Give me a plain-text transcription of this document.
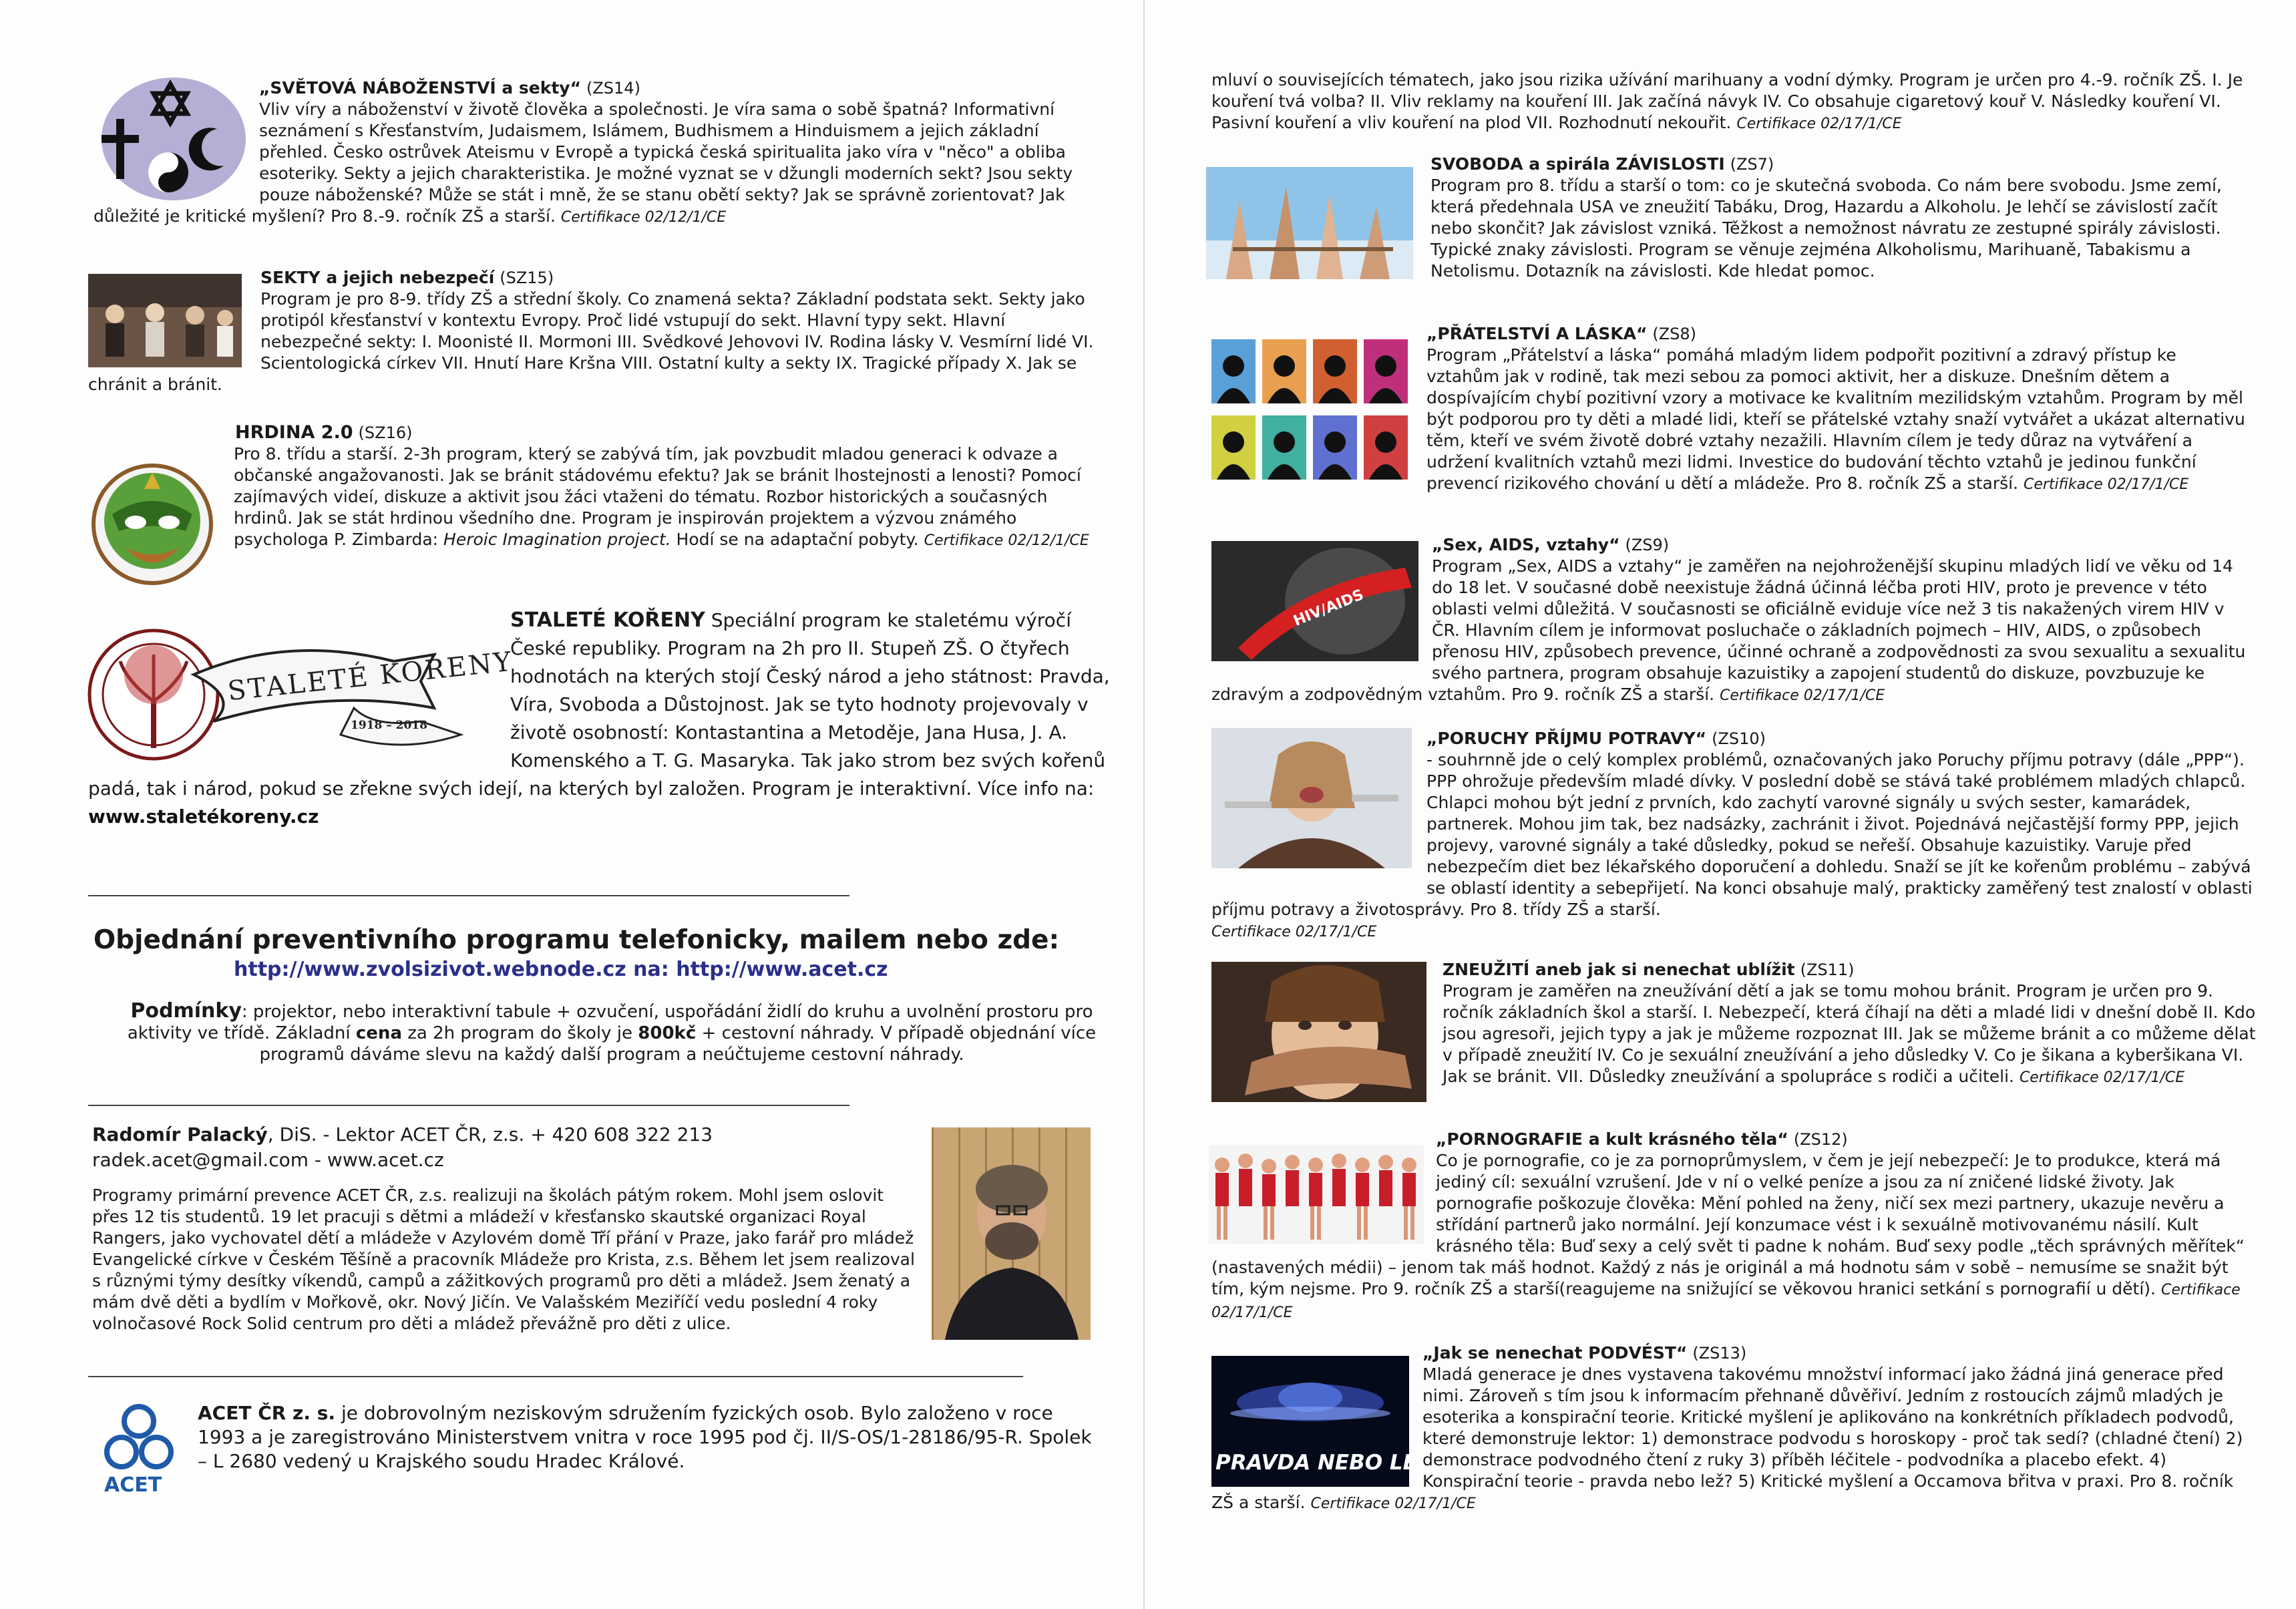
„SVĚTOVÁ NÁBOŽENSTVÍ a sekty“ (ZS14)
Vliv víry a náboženství v životě člověka a společnosti. Je víra sama o sobě špatná? Informativní seznámení s Křesťanstvím, Judaismem, Islámem, Budhismem a Hinduismem a jejich základní přehled. Česko ostrůvek Ateismu v Evropě a typická česká spiritualita jako víra v "něco" a obliba esoteriky. Sekty a jejich charakteristika. Je možné vyznat se v džungli moderních sekt? Jsou sekty pouze náboženské? Může se stát i mně, že se stanu obětí sekty? Jak se správně zorientovat? Jak důležité je kritické myšlení? Pro 8.-9. ročník ZŠ a starší. Certifikace 02/12/1/CE
SEKTY a jejich nebezpečí (SZ15)
Program je pro 8-9. třídy ZŠ a střední školy. Co znamená sekta? Základní podstata sekt. Sekty jako protipól křesťanství v kontextu Evropy. Proč lidé vstupují do sekt. Hlavní typy sekt. Hlavní nebezpečné sekty: I. Moonisté II. Mormoni III. Svědkové Jehovovi IV. Rodina lásky V. Vesmírní lidé VI. Scientologická církev VII. Hnutí Hare Kršna VIII. Ostatní kulty a sekty IX. Tragické případy X. Jak se chránit a bránit.
HRDINA 2.0 (SZ16)
Pro 8. třídu a starší. 2-3h program, který se zabývá tím, jak povzbudit mladou generaci k odvaze a občanské angažovanosti. Jak se bránit stádovému efektu? Jak se bránit lhostejnosti a lenosti? Pomocí zajímavých videí, diskuze a aktivit jsou žáci vtaženi do tématu. Rozbor historických a současných hrdinů. Jak se stát hrdinou všedního dne. Program je inspirován projektem a výzvou známého psychologa P. Zimbarda: Heroic Imagination project. Hodí se na adaptační pobyty. Certifikace 02/12/1/CE
STALETÉ KOŘENY
1918 – 2018
STALETÉ KOŘENY Speciální program ke staletému výročí České republiky. Program na 2h pro II. Stupeň ZŠ. O čtyřech hodnotách na kterých stojí Český národ a jeho státnost: Pravda, Víra, Svoboda a Důstojnost. Jak se tyto hodnoty projevovaly v životě osobností: Kontastantina a Metoděje, Jana Husa, J. A. Komenského a T. G. Masaryka. Tak jako strom bez svých kořenů padá, tak i národ, pokud se zřekne svých idejí, na kterých byl založen. Program je interaktivní. Více info na: www.staletékoreny.cz
Objednání preventivního programu telefonicky, mailem nebo zde:
http://www.zvolsizivot.webnode.cz na: http://www.acet.cz
Podmínky: projektor, nebo interaktivní tabule + ozvučení, uspořádání židlí do kruhu a uvolnění prostoru pro aktivity ve třídě. Základní cena za 2h program do školy je 800kč + cestovní náhrady. V případě objednání více programů dáváme slevu na každý další program a neúčtujeme cestovní náhrady.
Radomír Palacký, DiS. - Lektor ACET ČR, z.s. + 420 608 322 213
radek.acet@gmail.com - www.acet.cz
Programy primární prevence ACET ČR, z.s. realizuji na školách pátým rokem. Mohl jsem oslovit přes 12 tis studentů. 19 let pracuji s dětmi a mládeží v křesťansko skautské organizaci Royal Rangers, jako vychovatel dětí a mládeže v Azylovém domě Tří přání v Praze, jako farář pro mládež Evangelické církve v Českém Těšíně a pracovník Mládeže pro Krista, z.s. Během let jsem realizoval s různými týmy desítky víkendů, campů a zážitkových programů pro děti a mládež. Jsem ženatý a mám dvě děti a bydlím v Mořkově, okr. Nový Jičín. Ve Valašském Meziříčí vedu poslední 4 roky volnočasové Rock Solid centrum pro děti a mládež převážně pro děti z ulice.
ACET
ACET ČR z. s. je dobrovolným neziskovým sdružením fyzických osob. Bylo založeno v roce 1993 a je zaregistrováno Ministerstvem vnitra v roce 1995 pod čj. II/S-OS/1-28186/95-R. Spolek – L 2680 vedený u Krajského soudu Hradec Králové.
mluví o souvisejících tématech, jako jsou rizika užívání marihuany a vodní dýmky. Program je určen pro 4.-9. ročník ZŠ. I. Je kouření tvá volba? II. Vliv reklamy na kouření III. Jak začíná návyk IV. Co obsahuje cigaretový kouř V. Následky kouření VI. Pasivní kouření a vliv kouření na plod VII. Rozhodnutí nekouřit. Certifikace 02/17/1/CE
SVOBODA a spirála ZÁVISLOSTI (ZS7)
Program pro 8. třídu a starší o tom: co je skutečná svoboda. Co nám bere svobodu. Jsme zemí, která předehnala USA ve zneužití Tabáku, Drog, Hazardu a Alkoholu. Je lehčí se závislostí začít nebo skončit? Jak závislost vzniká. Těžkost a nemožnost návratu ze zestupné spirály závislosti. Typické znaky závislosti. Program se věnuje zejména Alkoholismu, Marihuaně, Tabakismu a Netolismu. Dotazník na závislosti. Kde hledat pomoc.
„PŘÁTELSTVÍ A LÁSKA“ (ZS8)
Program „Přátelství a láska“ pomáhá mladým lidem podpořit pozitivní a zdravý přístup ke vztahům jak v rodině, tak mezi sebou za pomoci aktivit, her a diskuze. Dnešním dětem a dospívajícím chybí pozitivní vzory a motivace ke kvalitním mezilidským vztahům. Program by měl být podporou pro ty děti a mladé lidi, kteří se přátelské vztahy snaží vytvářet a ukázat alternativu těm, kteří ve svém životě dobré vztahy nezažili. Hlavním cílem je tedy důraz na vytváření a udržení kvalitních vztahů mezi lidmi. Investice do budování těchto vztahů je jedinou funkční prevencí rizikového chování u dětí a mládeže. Pro 8. ročník ZŠ a starší. Certifikace 02/17/1/CE
HIV/AIDS
„Sex, AIDS, vztahy“ (ZS9)
Program „Sex, AIDS a vztahy“ je zaměřen na nejohroženější skupinu mladých lidí ve věku od 14 do 18 let. V současné době neexistuje žádná účinná léčba proti HIV, proto je prevence v této oblasti velmi důležitá. V současnosti se oficiálně eviduje více než 3 tis nakažených virem HIV v ČR. Hlavním cílem je informovat posluchače o základních pojmech – HIV, AIDS, o způsobech přenosu HIV, způsobech prevence, účinné ochraně a zodpovědnosti za svou sexualitu a sexualitu svého partnera, program obsahuje kazuistiky a zapojení studentů do diskuze, povzbuzuje ke zdravým a zodpovědným vztahům. Pro 9. ročník ZŠ a starší. Certifikace 02/17/1/CE
„PORUCHY PŘÍJMU POTRAVY“ (ZS10)
- souhrnně jde o celý komplex problémů, označovaných jako Poruchy příjmu potravy (dále „PPP“). PPP ohrožuje především mladé dívky. V poslední době se stává také problémem mladých chlapců. Chlapci mohou být jední z prvních, kdo zachytí varovné signály u svých sester, kamarádek, partnerek. Mohou jim tak, bez nadsázky, zachránit i život. Pojednává nejčastější formy PPP, jejich projevy, varovné signály a také důsledky, pokud se neřeší. Obsahuje kazuistiky. Varuje před nebezpečím diet bez lékařského doporučení a dohledu. Snaží se jít ke kořenům problému – zabývá se oblastí identity a sebepřijetí. Na konci obsahuje malý, prakticky zaměřený test znalostí v oblasti příjmu potravy a životosprávy. Pro 8. třídy ZŠ a starší.
Certifikace 02/17/1/CE
ZNEUŽITÍ aneb jak si nenechat ublížit (ZS11)
Program je zaměřen na zneužívání dětí a jak se tomu mohou bránit. Program je určen pro 9. ročník základních škol a starší. I. Nebezpečí, která číhají na děti a mladé lidi v dnešní době II. Kdo jsou agresoři, jejich typy a jak je můžeme rozpoznat III. Jak se můžeme bránit a co můžeme dělat v případě zneužití IV. Co je sexuální zneužívání a jeho důsledky V. Co je šikana a kyberšikana VI. Jak se bránit. VII. Důsledky zneužívání a spolupráce s rodiči a učiteli. Certifikace 02/17/1/CE
„PORNOGRAFIE a kult krásného těla“ (ZS12)
Co je pornografie, co je za pornoprůmyslem, v čem je její nebezpečí: Je to produkce, která má jediný cíl: sexuální vzrušení. Jde v ní o velké peníze a jsou za ní zničené lidské životy. Jak pornografie poškozuje člověka: Mění pohled na ženy, ničí sex mezi partnery, ukazuje nevěru a střídání partnerů jako normální. Její konzumace vést i k sexuálně motivovanému násilí. Kult krásného těla: Buď sexy a celý svět ti padne k nohám. Buď sexy podle „těch správných měřítek“ (nastavených médii) – jenom tak máš hodnot. Každý z nás je originál a má hodnotu sám v sobě – nemusíme se snažit být tím, kým nejsme. Pro 9. ročník ZŠ a starší(reagujeme na snižující se věkovou hranici setkání s pornografií u dětí). Certifikace 02/17/1/CE
PRAVDA NEBO LEŽ
„Jak se nenechat PODVÉST“ (ZS13)
Mladá generace je dnes vystavena takovému množství informací jako žádná jiná generace před nimi. Zároveň s tím jsou k informacím přehnaně důvěřiví. Jedním z rostoucích zájmů mladých je esoterika a konspirační teorie. Kritické myšlení je aplikováno na konkrétních příkladech podvodů, které demonstruje lektor: 1) demonstrace podvodu s horoskopy - proč tak sedí? (chladné čtení) 2) demonstrace podvodného čtení z ruky 3) příběh léčitele - podvodníka a placebo efekt. 4) Konspirační teorie - pravda nebo lež? 5) Kritické myšlení a Occamova břitva v praxi. Pro 8. ročník ZŠ a starší. Certifikace 02/17/1/CE
